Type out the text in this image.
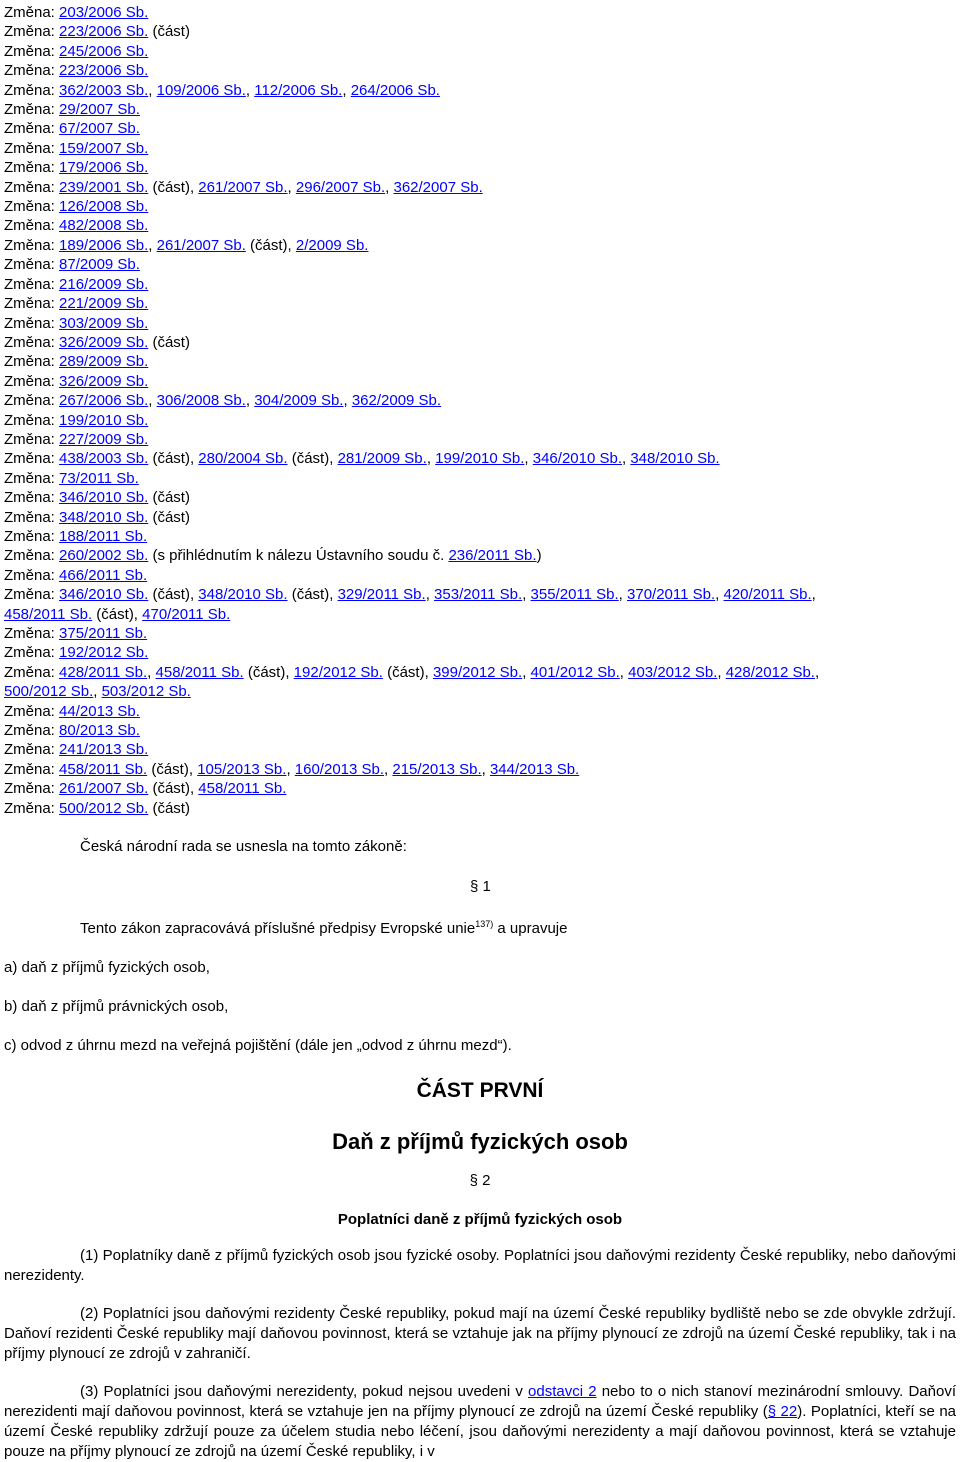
Změna: 203/2006 Sb.
Změna: 223/2006 Sb. (část)
Změna: 245/2006 Sb.
Změna: 223/2006 Sb.
Změna: 362/2003 Sb., 109/2006 Sb., 112/2006 Sb., 264/2006 Sb.
Změna: 29/2007 Sb.
Změna: 67/2007 Sb.
Změna: 159/2007 Sb.
Změna: 179/2006 Sb.
Změna: 239/2001 Sb. (část), 261/2007 Sb., 296/2007 Sb., 362/2007 Sb.
Změna: 126/2008 Sb.
Změna: 482/2008 Sb.
Změna: 189/2006 Sb., 261/2007 Sb. (část), 2/2009 Sb.
Změna: 87/2009 Sb.
Změna: 216/2009 Sb.
Změna: 221/2009 Sb.
Změna: 303/2009 Sb.
Změna: 326/2009 Sb. (část)
Změna: 289/2009 Sb.
Změna: 326/2009 Sb.
Změna: 267/2006 Sb., 306/2008 Sb., 304/2009 Sb., 362/2009 Sb.
Změna: 199/2010 Sb.
Změna: 227/2009 Sb.
Změna: 438/2003 Sb. (část), 280/2004 Sb. (část), 281/2009 Sb., 199/2010 Sb., 346/2010 Sb., 348/2010 Sb.
Změna: 73/2011 Sb.
Změna: 346/2010 Sb. (část)
Změna: 348/2010 Sb. (část)
Změna: 188/2011 Sb.
Změna: 260/2002 Sb. (s přihlédnutím k nálezu Ústavního soudu č. 236/2011 Sb.)
Změna: 466/2011 Sb.
Změna: 346/2010 Sb. (část), 348/2010 Sb. (část), 329/2011 Sb., 353/2011 Sb., 355/2011 Sb., 370/2011 Sb., 420/2011 Sb.,
458/2011 Sb. (část), 470/2011 Sb.
Změna: 375/2011 Sb.
Změna: 192/2012 Sb.
Změna: 428/2011 Sb., 458/2011 Sb. (část), 192/2012 Sb. (část), 399/2012 Sb., 401/2012 Sb., 403/2012 Sb., 428/2012 Sb.,
500/2012 Sb., 503/2012 Sb.
Změna: 44/2013 Sb.
Změna: 80/2013 Sb.
Změna: 241/2013 Sb.
Změna: 458/2011 Sb. (část), 105/2013 Sb., 160/2013 Sb., 215/2013 Sb., 344/2013 Sb.
Změna: 261/2007 Sb. (část), 458/2011 Sb.
Změna: 500/2012 Sb. (část)
Česká národní rada se usnesla na tomto zákoně:
§ 1
Tento zákon zapracovává příslušné předpisy Evropské unie$^{137)}$ a upravuje
a) daň z příjmů fyzických osob,
b) daň z příjmů právnických osob,
c) odvod z úhrnu mezd na veřejná pojištění (dále jen „odvod z úhrnu mezd“).
ČÁST PRVNÍ
Daň z příjmů fyzických osob
§ 2
Poplatníci daně z příjmů fyzických osob
(1) Poplatníky daně z příjmů fyzických osob jsou fyzické osoby. Poplatníci jsou daňovými rezidenty České republiky, nebo daňovými nerezidenty.
(2) Poplatníci jsou daňovými rezidenty České republiky, pokud mají na území České republiky bydliště nebo se zde obvykle zdržují. Daňoví rezidenti České republiky mají daňovou povinnost, která se vztahuje jak na příjmy plynoucí ze zdrojů na území České republiky, tak i na příjmy plynoucí ze zdrojů v zahraničí.
(3) Poplatníci jsou daňovými nerezidenty, pokud nejsou uvedeni v odstavci 2 nebo to o nich stanoví mezinárodní smlouvy. Daňoví nerezidenti mají daňovou povinnost, která se vztahuje jen na příjmy plynoucí ze zdrojů na území České republiky (§ 22). Poplatníci, kteří se na území České republiky zdržují pouze za účelem studia nebo léčení, jsou daňovými nerezidenty a mají daňovou povinnost, která se vztahuje pouze na příjmy plynoucí ze zdrojů na území České republiky, i v
